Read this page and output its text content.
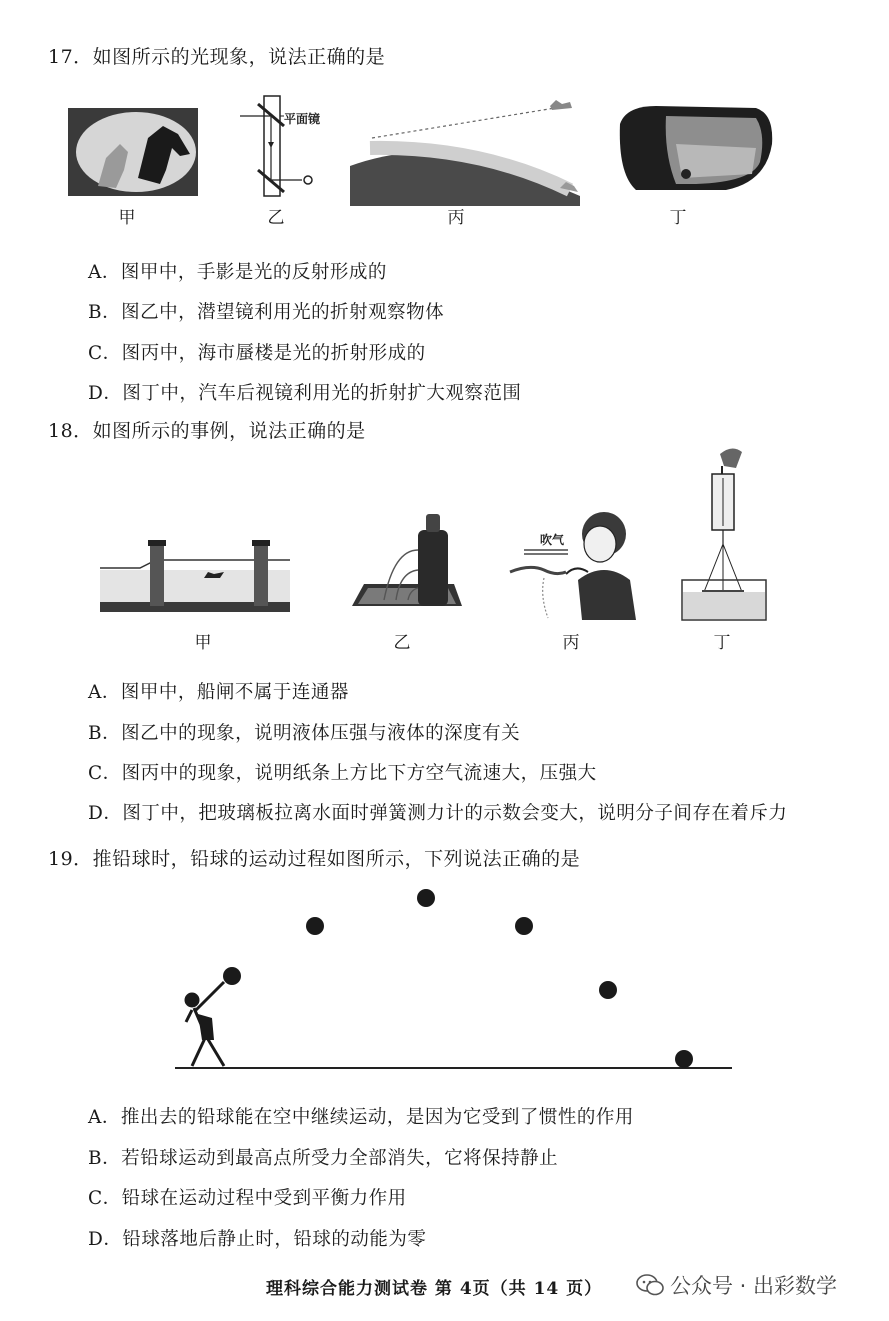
17．如图所示的光现象，说法正确的是
甲
平面镜
乙	丙	丁
A．图甲中，手影是光的反射形成的
B．图乙中，潜望镜利用光的折射观察物体
C．图丙中，海市蜃楼是光的折射形成的
D．图丁中，汽车后视镜利用光的折射扩大观察范围
18．如图所示的事例，说法正确的是
甲	乙
吹气
丙	丁
A．图甲中，船闸不属于连通器
B．图乙中的现象，说明液体压强与液体的深度有关
C．图丙中的现象，说明纸条上方比下方空气流速大，压强大
D．图丁中，把玻璃板拉离水面时弹簧测力计的示数会变大，说明分子间存在着斥力
19．推铅球时，铅球的运动过程如图所示，下列说法正确的是
A．推出去的铅球能在空中继续运动，是因为它受到了惯性的作用
B．若铅球运动到最高点所受力全部消失，它将保持静止
C．铅球在运动过程中受到平衡力作用
D．铅球落地后静止时，铅球的动能为零
理科综合能力测试卷 第 4页（共 14 页）	公众号 · 出彩数学
